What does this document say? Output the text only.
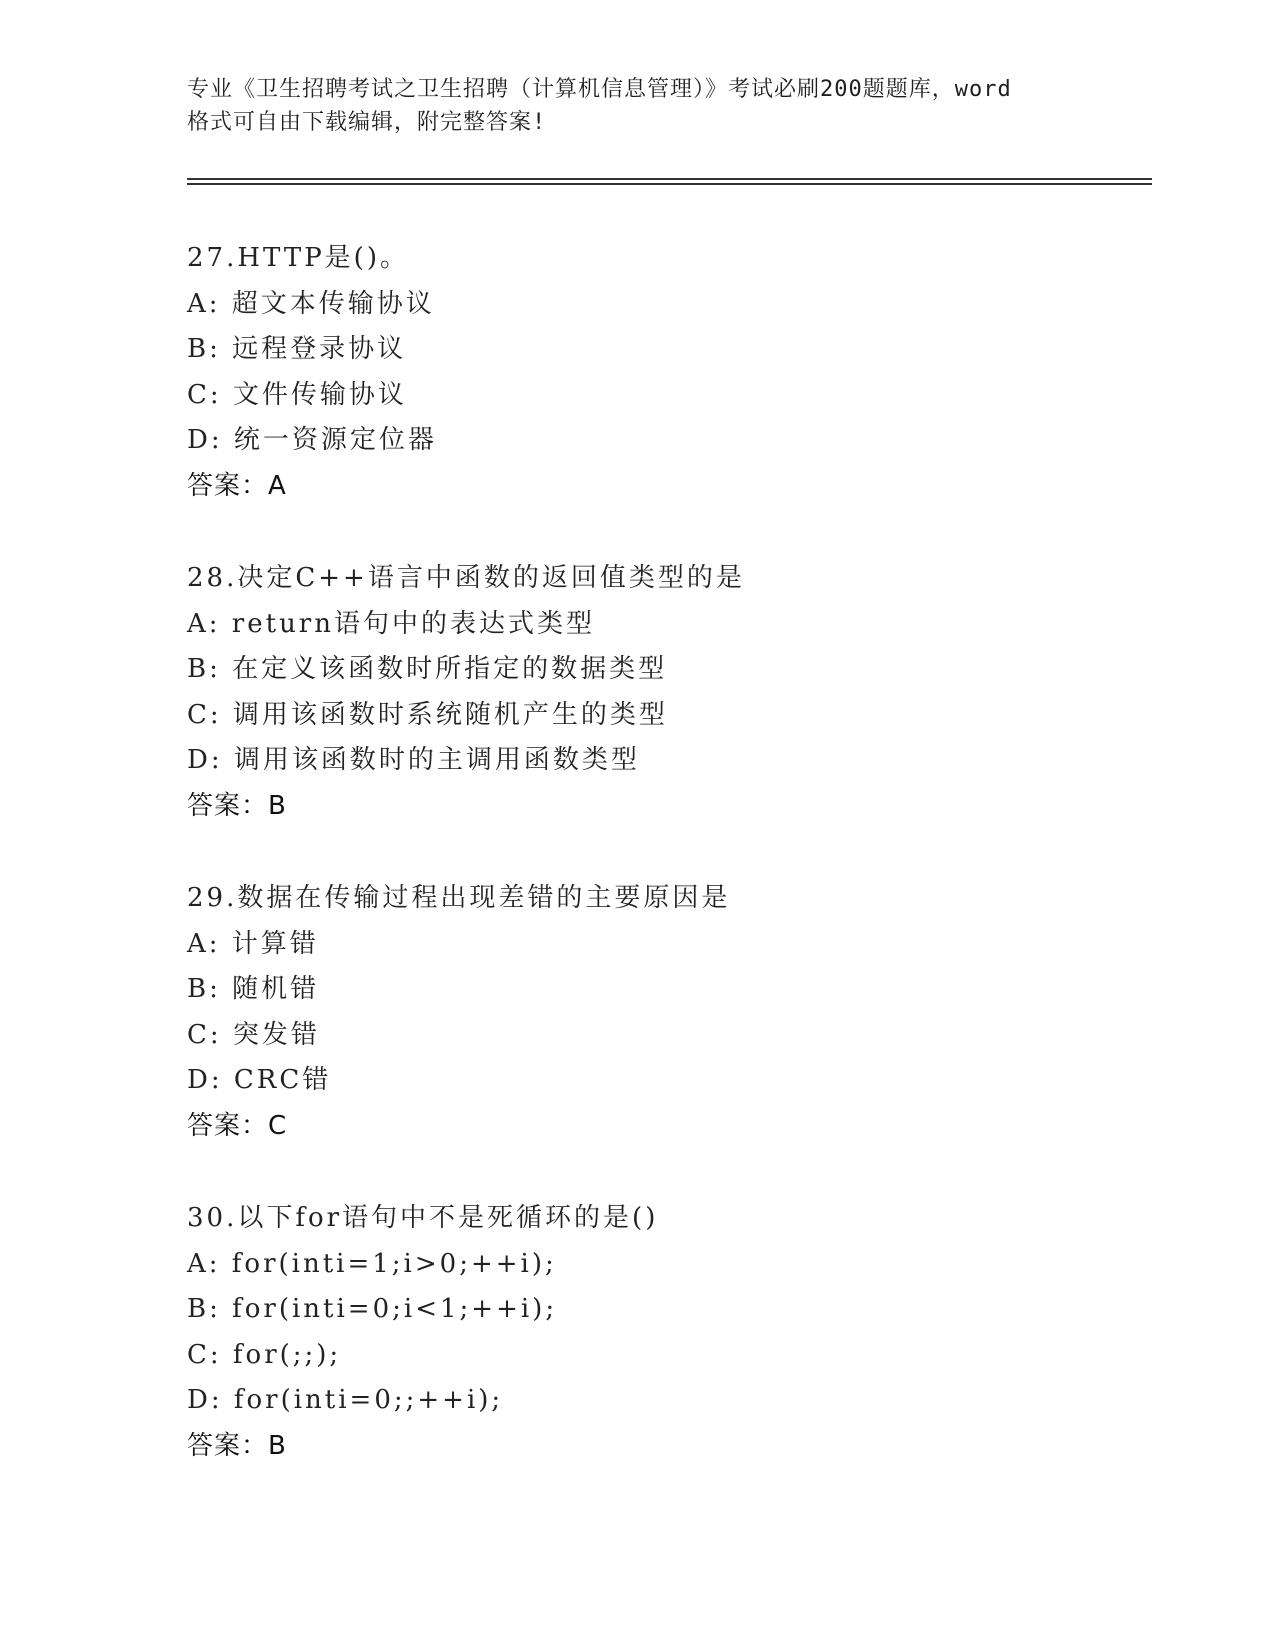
专业《卫生招聘考试之卫生招聘（计算机信息管理）》考试必刷200题题库，word

格式可自由下载编辑，附完整答案!

27.HTTP是()。
A: 超文本传输协议
B: 远程登录协议
C: 文件传输协议
D: 统一资源定位器
答案：A
28.决定C++语言中函数的返回值类型的是
A: return语句中的表达式类型
B: 在定义该函数时所指定的数据类型
C: 调用该函数时系统随机产生的类型
D: 调用该函数时的主调用函数类型
答案：B
29.数据在传输过程出现差错的主要原因是
A: 计算错
B: 随机错
C: 突发错
D: CRC错
答案：C
30.以下for语句中不是死循环的是()
A: for(inti=1;i>0;++i);
B: for(inti=0;i<1;++i);
C: for(;;);
D: for(inti=0;;++i);
答案：B
